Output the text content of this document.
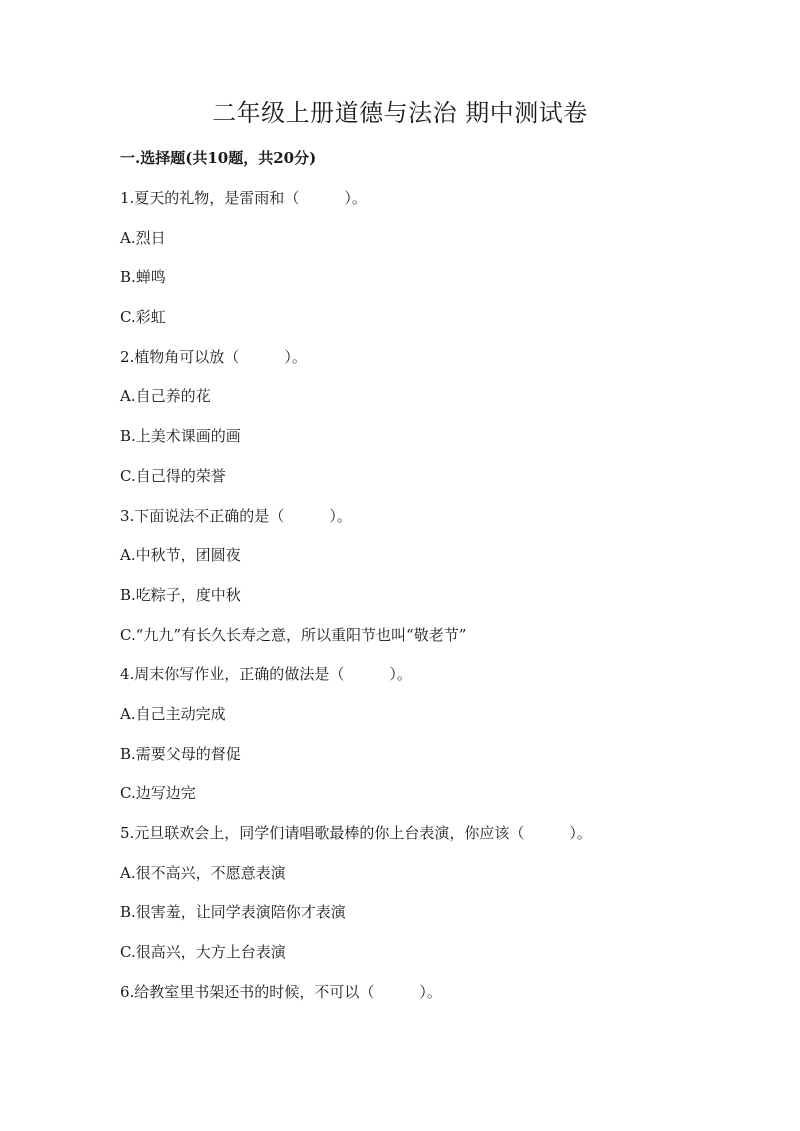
二年级上册道德与法治 期中测试卷
一.选择题(共10题，共20分)
1.夏天的礼物，是雷雨和（　　　）。
A.烈日
B.蝉鸣
C.彩虹
2.植物角可以放（　　　）。
A.自己养的花
B.上美术课画的画
C.自己得的荣誉
3.下面说法不正确的是（　　　）。
A.中秋节，团圆夜
B.吃粽子，度中秋
C.“九九”有长久长寿之意，所以重阳节也叫“敬老节”
4.周末你写作业，正确的做法是（　　　）。
A.自己主动完成
B.需要父母的督促
C.边写边完
5.元旦联欢会上，同学们请唱歌最棒的你上台表演，你应该（　　　）。
A.很不高兴，不愿意表演
B.很害羞，让同学表演陪你才表演
C.很高兴，大方上台表演
6.给教室里书架还书的时候，不可以（　　　）。
